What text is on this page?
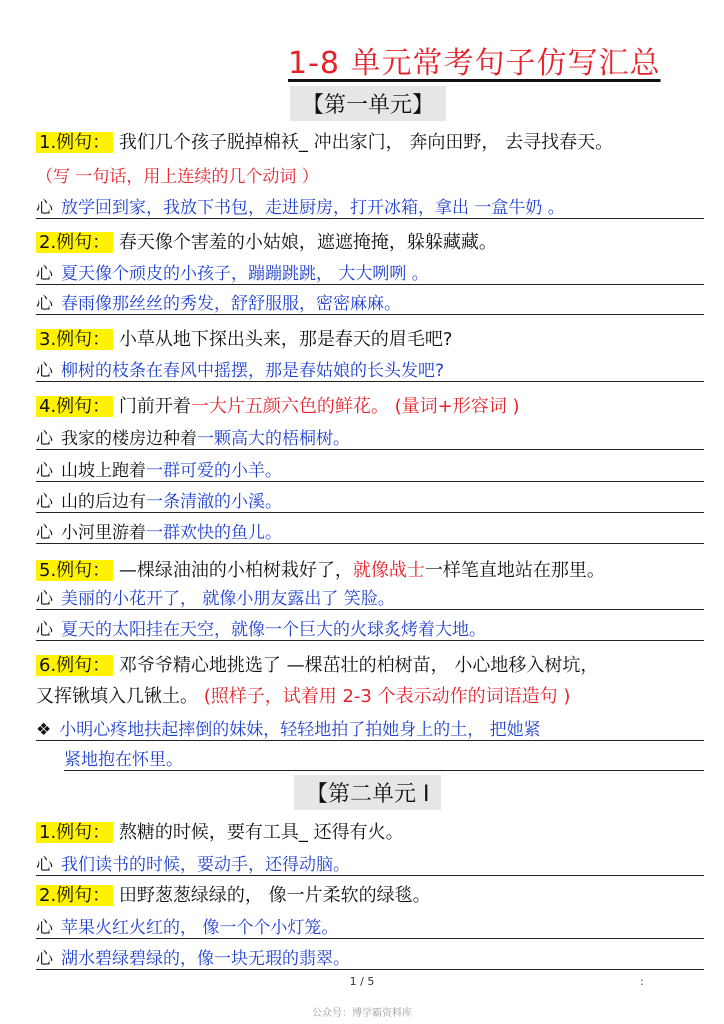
1-8 单元常考句子仿写汇总
【第一单元】
1.例句： 我们几个孩子脱掉棉袄_ 冲出家门， 奔向田野， 去寻找春天。
（写 一句话，用上连续的几个动词 ）
心 放学回到家，我放下书包，走进厨房，打开冰箱，拿出 一盒牛奶 。
2.例句： 春天像个害羞的小姑娘，遮遮掩掩，躲躲藏藏。
心 夏天像个顽皮的小孩子，蹦蹦跳跳， 大大咧咧 。
心 春雨像那丝丝的秀发，舒舒服服，密密麻麻。
3.例句： 小草从地下探出头来，那是春天的眉毛吧?
心 柳树的枝条在春风中摇摆，那是春姑娘的长头发吧?
4.例句： 门前开着一大片五颜六色的鲜花。 (量词+形容词 )
心 我家的楼房边种着一颗高大的梧桐树。
心 山坡上跑着一群可爱的小羊。
心 山的后边有一条清澈的小溪。
心 小河里游着一群欢快的鱼儿。
5.例句： —棵绿油油的小柏树栽好了，就像战士一样笔直地站在那里。
心 美丽的小花开了， 就像小朋友露出了 笑脸。
心 夏天的太阳挂在天空，就像一个巨大的火球炙烤着大地。
6.例句： 邓爷爷精心地挑选了 —棵茁壮的柏树苗， 小心地移入树坑，
又挥锹填入几锹土。 (照样子，试着用 2-3 个表示动作的词语造句 )
❖ 小明心疼地扶起摔倒的妹妹，轻轻地拍了拍她身上的土， 把她紧
紧地抱在怀里。
【第二单元 I
1.例句： 熬糖的时候，要有工具_ 还得有火。
心 我们读书的时候，要动手，还得动脑。
2.例句： 田野葱葱绿绿的， 像一片柔软的绿毯。
心 苹果火红火红的， 像一个个小灯笼。
心 湖水碧绿碧绿的，像一块无瑕的翡翠。
1 / 5	:
公众号：博学霸资料库
